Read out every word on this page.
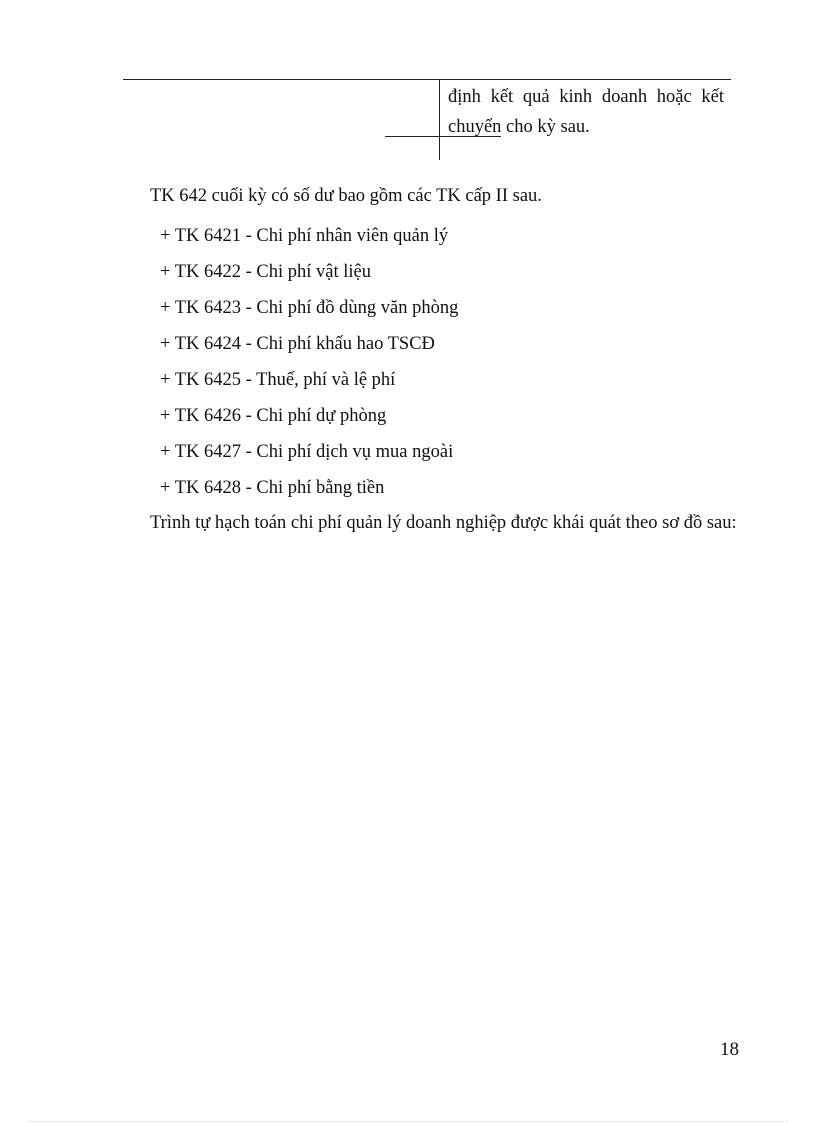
định kết quả kinh doanh hoặc kết
chuyển cho kỳ sau.
TK 642 cuối kỳ có số dư bao gồm các TK cấp II sau.
+ TK 6421 - Chi phí nhân viên quản lý
+ TK 6422 - Chi phí vật liệu
+ TK 6423 - Chi phí đồ dùng văn phòng
+ TK 6424 - Chi phí khấu hao TSCĐ
+ TK 6425 - Thuế, phí và lệ phí
+ TK 6426 - Chi phí dự phòng
+ TK 6427 - Chi phí dịch vụ mua ngoài
+ TK 6428 - Chi phí bằng tiền
Trình tự hạch toán chi phí quản lý doanh nghiệp được khái quát theo sơ đồ sau:
18
